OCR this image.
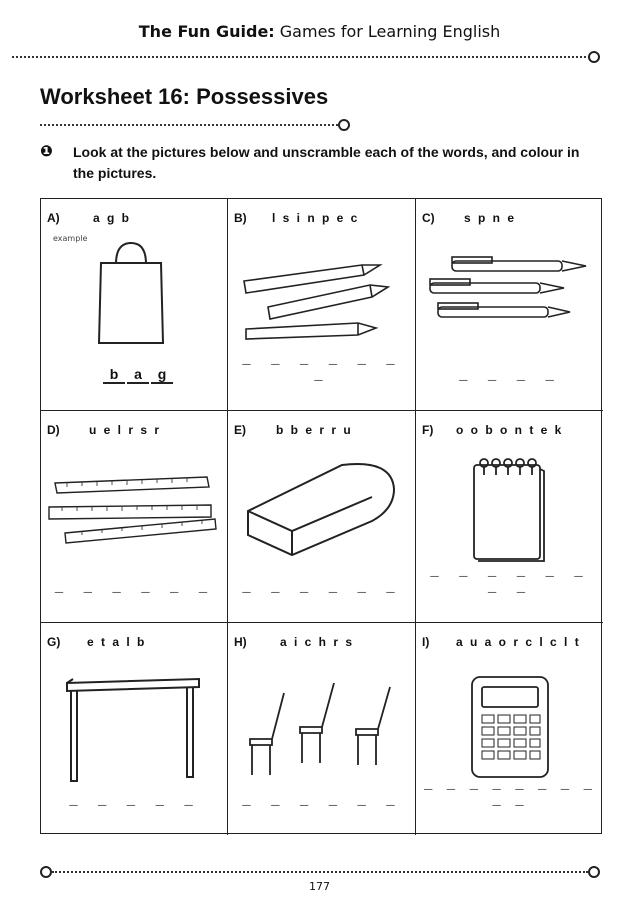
The Fun Guide: Games for Learning English
Worksheet 16: Possessives
❶ Look at the pictures below and unscramble each of the words, and colour in the pictures.
A)	a g b
example
b a g
B) l s i n p e c
_ _ _ _ _ _ _
C) s p n e
_ _ _ _
D) u e l r s r
_ _ _ _ _ _
E)	b b e r r u
_ _ _ _ _ _
F) o o b o n t e k
_ _ _ _ _ _ _ _
G) e t a l b
_ _ _ _ _
H)	a i c h r s
_ _ _ _ _ _
I) a u a o r c l c l t
_ _ _ _ _ _ _ _ _ _
177
